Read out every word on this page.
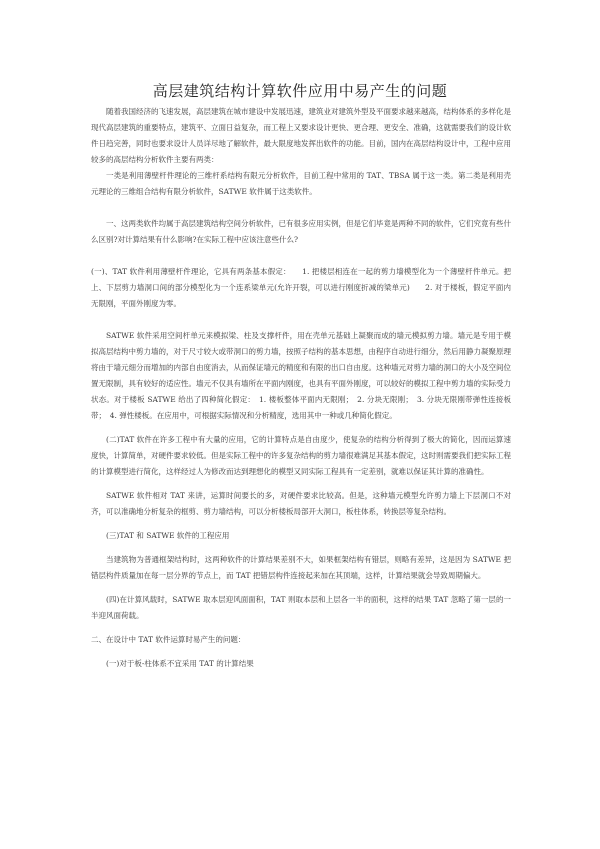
高层建筑结构计算软件应用中易产生的问题

随着我国经济的飞速发展，高层建筑在城市建设中发展迅速，建筑业对建筑外型及平面要求越来越高，结构体系的多样化是现代高层建筑的重要特点，建筑平、立面日益复杂，而工程上又要求设计更快、更合理、更安全、准确，这就需要我们的设计软件日趋完善，同时也要求设计人员详尽地了解软件，最大限度地发挥出软件的功能。目前，国内在高层结构设计中，工程中应用较多的高层结构分析软件主要有两类：

一类是利用薄壁杆件理论的三维杆系结构有限元分析软件，目前工程中常用的 TAT、TBSA 属于这一类。第二类是利用壳元理论的三维组合结构有限分析软件，SATWE 软件属于这类软件。

一、这两类软件均属于高层建筑结构空间分析软件，已有很多应用实例，但是它们毕竟是两种不同的软件，它们究竟有些什么区别?对计算结果有什么影响?在实际工程中应该注意些什么?

(一)、TAT 软件利用薄壁杆件理论，它具有两条基本假定：　　1. 把楼层相连在一起的剪力墙模型化为一个薄壁杆件单元。把上、下层剪力墙洞口间的部分模型化为一个连系梁单元(允许开裂，可以进行刚度折减的梁单元)　　2. 对于楼板，假定平面内无限刚，平面外刚度为零。

SATWE 软件采用空间杆单元来模拟梁、柱及支撑杆件，用在壳单元基础上凝聚而成的墙元模拟剪力墙。墙元是专用于模拟高层结构中剪力墙的，对于尺寸较大或带洞口的剪力墙，按照子结构的基本思想，由程序自动进行细分，然后用静力凝聚原理将由于墙元细分而增加的内部自由度消去，从而保证墙元的精度和有限的出口自由度。这种墙元对剪力墙的洞口的大小及空间位置无限制，具有较好的适应性。墙元不仅具有墙所在平面内刚度，也具有平面外刚度，可以较好的模拟工程中剪力墙的实际受力状态。对于楼板 SATWE 给出了四种简化假定：　1. 楼板整体平面内无限刚；　2. 分块无限刚；　3. 分块无限刚带弹性连接板带；　4. 弹性楼板。在应用中，可根据实际情况和分析精度，选用其中一种或几种简化假定。

(二)TAT 软件在许多工程中有大量的应用，它的计算特点是自由度少，使复杂的结构分析得到了极大的简化，因而运算速度快，计算简单，对硬件要求较低。但是实际工程中的许多复杂结构的剪力墙很难满足其基本假定，这时则需要我们把实际工程的计算模型进行简化，这样经过人为修改而达到理想化的模型又同实际工程具有一定差别，就难以保证其计算的准确性。

SATWE 软件相对 TAT 来讲，运算时间要长的多，对硬件要求比较高。但是，这种墙元模型允许剪力墙上下层洞口不对齐，可以准确地分析复杂的框剪、剪力墙结构，可以分析楼板局部开大洞口，板柱体系，转换层等复杂结构。

(三)TAT 和 SATWE 软件的工程应用

当建筑物为普通框架结构时，这两种软件的计算结果差别不大，如果框架结构有错层，则略有差异，这是因为 SATWE 把错层构件质量加在每一层分界的节点上，而 TAT 把错层构件连接起来加在其顶端，这样，计算结果就会导致周期偏大。

(四)在计算风载时，SATWE 取本层迎风面面积，TAT 则取本层和上层各一半的面积，这样的结果 TAT 忽略了第一层的一半迎风面荷载。

二、在设计中 TAT 软件运算时易产生的问题：

(一)对于板-柱体系不宜采用 TAT 的计算结果
